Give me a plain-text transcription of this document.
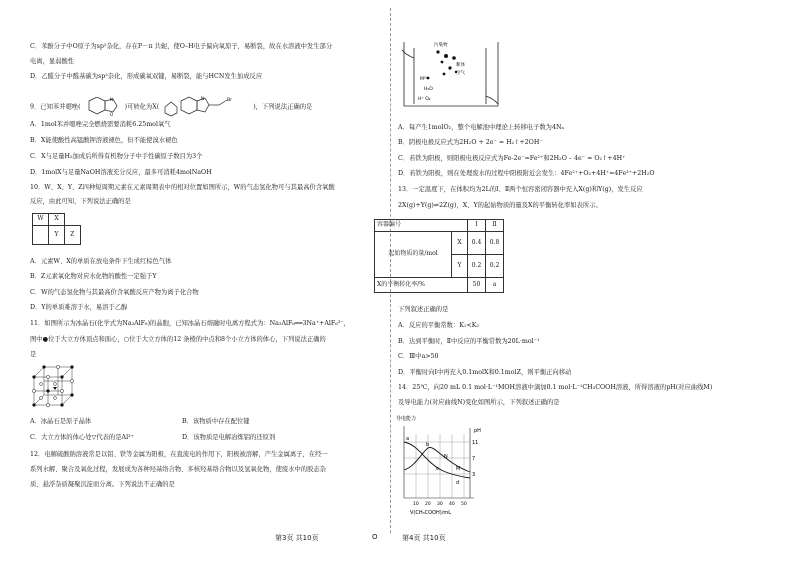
C．苯酚分子中O原子为sp²杂化，存在P－π 共轭，使O–H电子偏向氧原子，易断裂，故在水溶液中发生部分
电离，显弱酸性
D．乙醛分子中醛基碳为sp²杂化，形成碳氧双键，易断裂，能与HCN发生加成反应
9．已知苯并噁唑(
N
O
)可转化为X(
Br
N
)，下列说法正确的是
A．1mol苯并噁唑完全燃烧需要消耗6.25mol氧气
B．X能使酸性高锰酸钾溶液褪色，但不能使溴水褪色
C．X与足量H₂加成后所得有机物分子中手性碳原子数目为3个
D．1molX与足量NaOH溶液充分反应，最多可消耗4molNaOH
10．W、X、Y、Z四种短周期元素在元素周期表中的相对位置如图所示，W的气态氢化物可与其最高价含氧酸
反应，由此可知，下列说法正确的是
W	X	
	Y	Z
A．元素W、X的单质在放电条件下生成红棕色气体
B．Z元素氧化物对应水化物的酸性一定强于Y
C．W的气态氢化物与其最高价含氧酸反应产物为离子化合物
D．Y的单质难溶于水，易溶于乙醇
11．如图所示为冰晶石(化学式为Na₃AlF₆)的晶胞，已知冰晶石熔融时电离方程式为：Na₃AlF₆══3Na⁺+AlF₆³⁻，
图中●位于大立方体顶点和面心，○位于大立方体的12 条棱的中点和8个小立方体的体心，下列说法正确的
是
A．冰晶石是原子晶体	B．该物质中存在配位键
C．大立方体的体心处▽代表的是Al³⁺	D．该物质是电解冶炼铝的还原剂
12．电解硫酸钠溶液常是以铝、铁等金属为阳极，在直流电的作用下，阳极被溶解，产生金属离子，在经一
系列水解、聚合及氧化过程，发展成为各种羟基络合物、多核羟基络合物以及氢氧化物，使废水中的胶态杂
质、悬浮杂质凝聚沉淀而分离。下列说法不正确的是
污染物
絮体
空气
M²⁺
H₂O
H⁺ O₂
A．每产生1molO₂，整个电解池中理论上转移电子数为4Nₐ
B．阴极电极反应式为2H₂O + 2e⁻ = H₂↑+2OH⁻
C．若铁为阳极，则阳极电极反应式为Fe-2e⁻=Fe²⁺和2H₂O – 4e⁻ = O₂↑+4H⁺
D．若铁为阳极，则在处理废水的过程中阳极附近会发生：4Fe²⁺+O₂+4H⁺=4Fe³⁺+2H₂O
13．一定温度下，在体积均为2L的Ⅰ、Ⅱ两个恒容密闭容器中充入X(g)和Y(g)，发生反应
2X(g)+Y(g)⇌2Z(g)，X、Y的起始物质的量及X的平衡转化率如表所示。
容器编号		Ⅰ	Ⅱ
起始物质的量/mol	X	0.4	0.8
	Y	0.2	0.2
X的平衡转化率/%		50	a
下列叙述正确的是
A．反应的平衡常数：K₁<K₂
B．达到平衡时，Ⅱ中反应的平衡常数为20L·mol⁻¹
C．Ⅲ中a>50
D．平衡时向Ⅰ中再充入0.1molX和0.1molZ，则平衡正向移动
14．25℃，向20 mL 0.1 mol·L⁻¹MOH溶液中滴加0.1 mol·L⁻¹CH₃COOH溶液，所得溶液的pH(对应曲线M)
及导电能力(对应曲线N)变化如图所示，下列叙述正确的是
导电能力
pH
11
7
3
a
b
c
d
M
N
10 20 30 40 50
V(CH₃COOH)/mL
第3页 共10页	O	第4页 共10页
